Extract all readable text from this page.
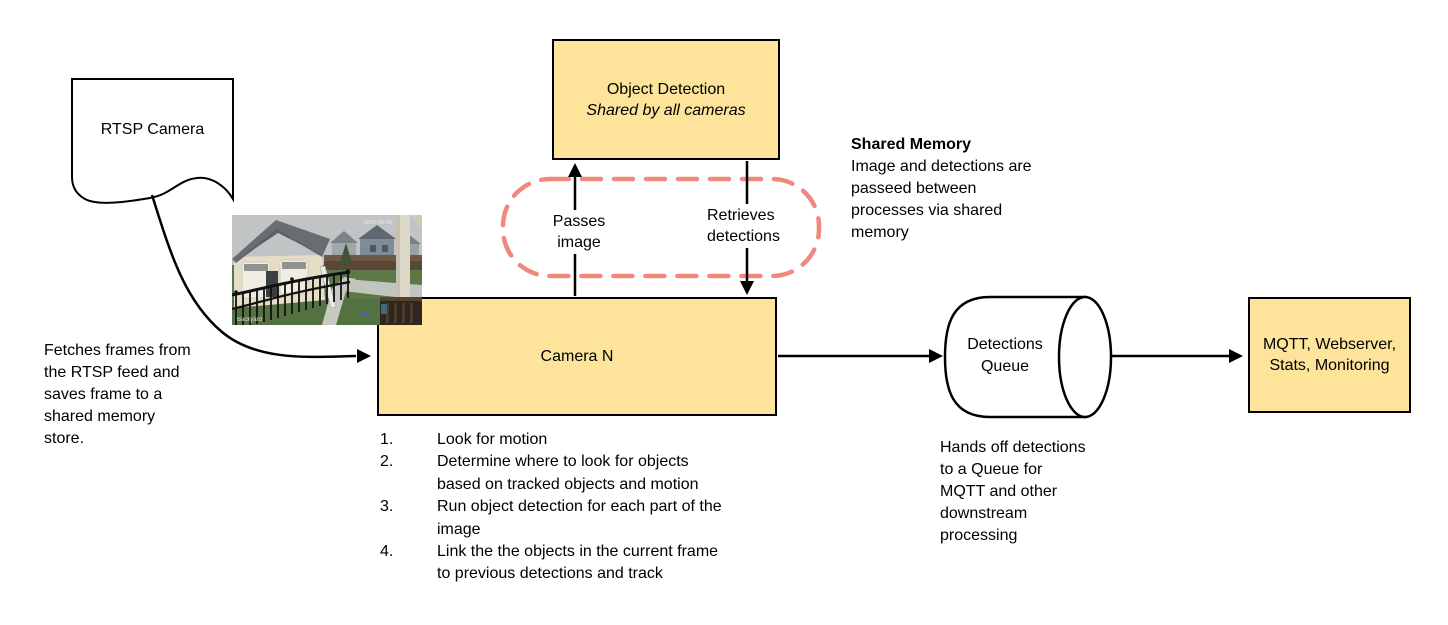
RTSP Camera
Fetches frames from
the RTSP feed and
saves frame to a
shared memory
store.
Object Detection
Shared by all cameras
Shared Memory
Image and detections are
passeed between
processes via shared
memory
Passes
image
Retrieves
detections
Camera N
1.	Look for motion
2.	Determine where to look for objects
based on tracked objects and motion
3.	Run object detection for each part of the
image
4.	Link the the objects in the current frame
to previous detections and track
Detections
Queue
Hands off detections
to a Queue for
MQTT and other
downstream
processing
MQTT, Webserver,
Stats, Monitoring
Backyard
2019-02-05
